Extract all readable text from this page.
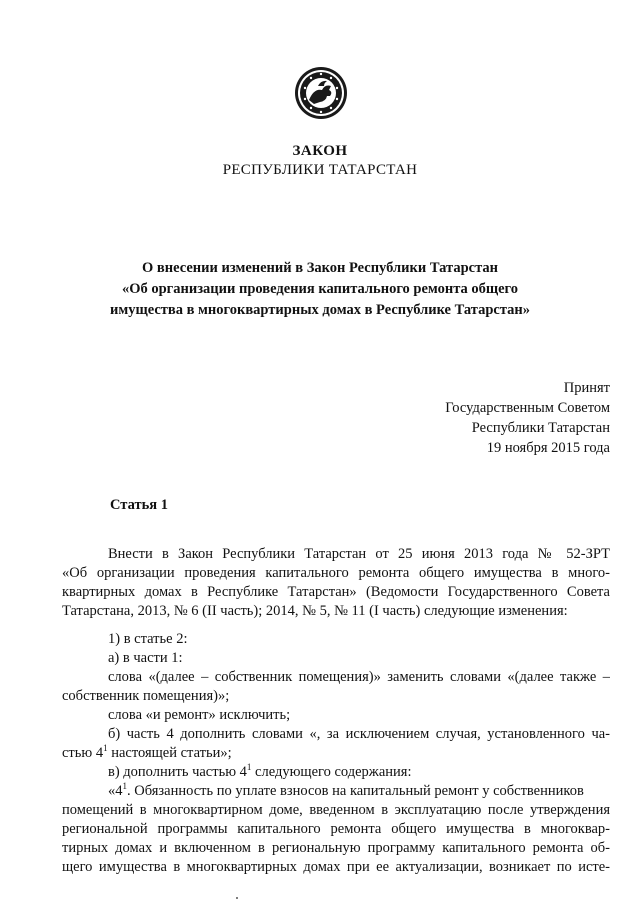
ЗАКОН
РЕСПУБЛИКИ ТАТАРСТАН
О внесении изменений в Закон Республики Татарстан
«Об организации проведения капитального ремонта общего
имущества в многоквартирных домах в Республике Татарстан»
Принят
Государственным Советом
Республики Татарстан
19 ноября 2015 года
Статья 1
Внести в Закон Республики Татарстан от 25 июня 2013 года № 52-ЗРТ
«Об организации проведения капитального ремонта общего имущества в много-
квартирных домах в Республике Татарстан» (Ведомости Государственного Совета
Татарстана, 2013, № 6 (II часть); 2014, № 5, № 11 (I часть) следующие изменения:
1) в статье 2:
а) в части 1:
слова «(далее – собственник помещения)» заменить словами «(далее также –
собственник помещения)»;
слова «и ремонт» исключить;
б) часть 4 дополнить словами «, за исключением случая, установленного ча-
стью $4^1$ настоящей статьи»;
в) дополнить частью $4^1$ следующего содержания:
«$4^1$. Обязанность по уплате взносов на капитальный ремонт у собственников
помещений в многоквартирном доме, введенном в эксплуатацию после утверждения
региональной программы капитального ремонта общего имущества в многоквар-
тирных домах и включенном в региональную программу капитального ремонта об-
щего имущества в многоквартирных домах при ее актуализации, возникает по исте-
